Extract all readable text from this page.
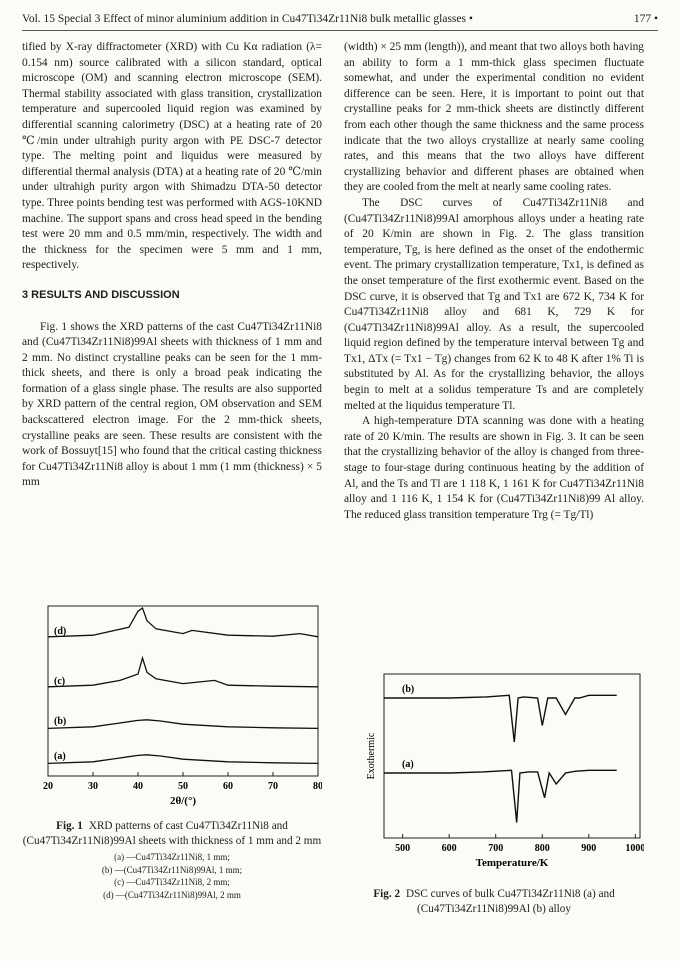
Vol. 15 Special 3 Effect of minor aluminium addition in Cu47Ti34Zr11Ni8 bulk metallic glasses •	177 •

tified by X-ray diffractometer (XRD) with Cu Kα radiation (λ= 0.154 nm) source calibrated with a silicon standard, optical microscope (OM) and scanning electron microscope (SEM). Thermal stability associated with glass transition, crystallization temperature and supercooled liquid region was examined by differential scanning calorimetry (DSC) at a heating rate of 20 ℃/min under ultrahigh purity argon with PE DSC-7 detector type. The melting point and liquidus were measured by differential thermal analysis (DTA) at a heating rate of 20 ℃/min under ultrahigh purity argon with Shimadzu DTA-50 detector type. Three points bending test was performed with AGS-10KND machine. The support spans and cross head speed in the bending test were 20 mm and 0.5 mm/min, respectively. The width and the thickness for the specimen were 5 mm and 1 mm, respectively.

3 RESULTS AND DISCUSSION

Fig. 1 shows the XRD patterns of the cast Cu47Ti34Zr11Ni8 and (Cu47Ti34Zr11Ni8)99Al sheets with thickness of 1 mm and 2 mm. No distinct crystalline peaks can be seen for the 1 mm-thick sheets, and there is only a broad peak indicating the formation of a glass single phase. The results are also supported by XRD pattern of the central region, OM observation and SEM backscattered electron image. For the 2 mm-thick sheets, crystalline peaks are seen. These results are consistent with the work of Bossuyt[15] who found that the critical casting thickness for Cu47Ti34Zr11Ni8 alloy is about 1 mm (1 mm (thickness) × 5 mm

(width) × 25 mm (length)), and meant that two alloys both having an ability to form a 1 mm-thick glass specimen fluctuate somewhat, and under the experimental condition no evident difference can be seen. Here, it is important to point out that crystalline peaks for 2 mm-thick sheets are distinctly different from each other though the same thickness and the same process indicate that the two alloys crystallize at nearly same cooling rates, and this means that the two alloys have different crystallizing behavior and different phases are obtained when they are cooled from the melt at nearly same cooling rates.

The DSC curves of Cu47Ti34Zr11Ni8 and (Cu47Ti34Zr11Ni8)99Al amorphous alloys under a heating rate of 20 K/min are shown in Fig. 2. The glass transition temperature, Tg, is here defined as the onset of the endothermic event. The primary crystallization temperature, Tx1, is defined as the onset temperature of the first exothermic event. Based on the DSC curve, it is observed that Tg and Tx1 are 672 K, 734 K for Cu47Ti34Zr11Ni8 alloy and 681 K, 729 K for (Cu47Ti34Zr11Ni8)99Al alloy. As a result, the supercooled liquid region defined by the temperature interval between Tg and Tx1, ΔTx (= Tx1 − Tg) changes from 62 K to 48 K after 1% Ti is substituted by Al. As for the crystallizing behavior, the alloys begin to melt at a solidus temperature Ts and are completely melted at the liquidus temperature Tl.

A high-temperature DTA scanning was done with a heating rate of 20 K/min. The results are shown in Fig. 3. It can be seen that the crystallizing behavior of the alloy is changed from three-stage to four-stage during continuous heating by the addition of Al, and the Ts and Tl are 1 118 K, 1 161 K for Cu47Ti34Zr11Ni8 alloy and 1 116 K, 1 154 K for (Cu47Ti34Zr11Ni8)99 Al alloy. The reduced glass transition temperature Trg (= Tg/Tl)

20	30	40	50	60	70	80
2θ/(°)
(d)
(c)
(b)
(a)
Fig. 1 XRD patterns of cast Cu47Ti34Zr11Ni8 and (Cu47Ti34Zr11Ni8)99Al sheets with thickness of 1 mm and 2 mm
(a) —Cu47Ti34Zr11Ni8, 1 mm;
(b) —(Cu47Ti34Zr11Ni8)99Al, 1 mm;
(c) —Cu47Ti34Zr11Ni8, 2 mm;
(d) —(Cu47Ti34Zr11Ni8)99Al, 2 mm
500	600	700	800	900	1000
Temperature/K
Exothermic
(b)
(a)
Fig. 2 DSC curves of bulk Cu47Ti34Zr11Ni8 (a) and (Cu47Ti34Zr11Ni8)99Al (b) alloy
